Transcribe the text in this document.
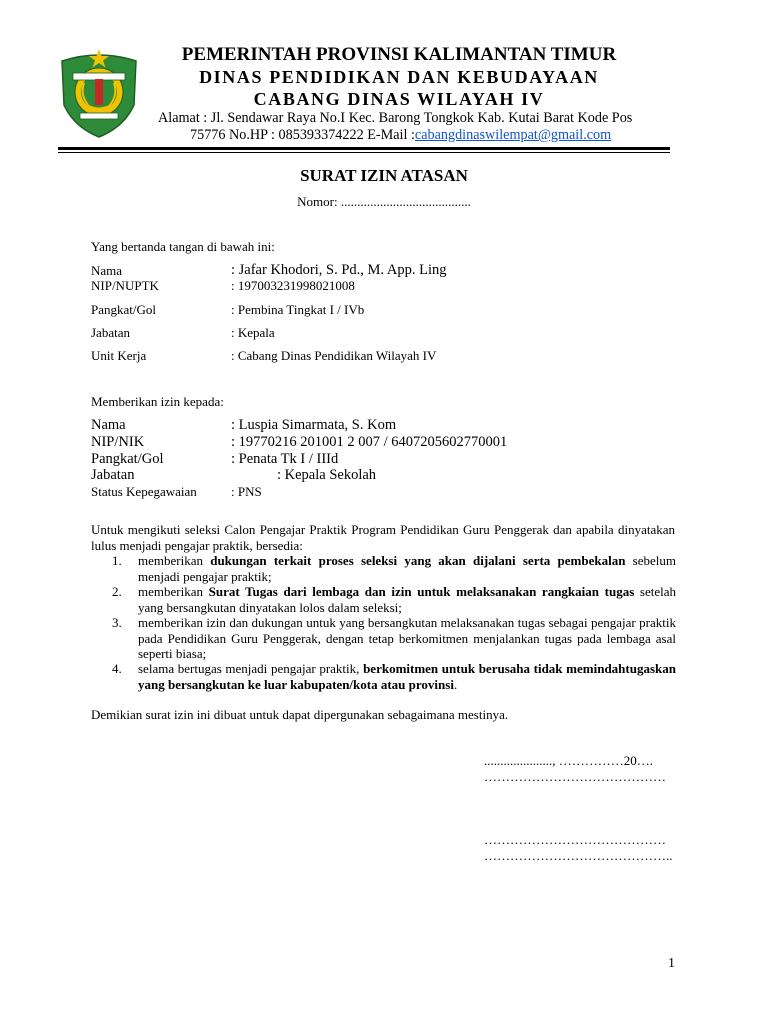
PEMERINTAH PROVINSI KALIMANTAN TIMUR
DINAS PENDIDIKAN DAN KEBUDAYAAN
CABANG DINAS WILAYAH IV
Alamat : Jl. Sendawar Raya No.I Kec. Barong Tongkok Kab. Kutai Barat Kode Pos
75776 No.HP : 085393374222 E-Mail :cabangdinaswilempat@gmail.com
SURAT IZIN ATASAN
Nomor: ........................................
Yang bertanda tangan di bawah ini:
Nama	: Jafar Khodori, S. Pd., M. App. Ling
NIP/NUPTK	: 197003231998021008
Pangkat/Gol	: Pembina Tingkat I / IVb
Jabatan	: Kepala
Unit Kerja	: Cabang Dinas Pendidikan Wilayah IV
Memberikan izin kepada:
Nama	: Luspia Simarmata, S. Kom
NIP/NIK	: 19770216 201001 2 007 / 6407205602770001
Pangkat/Gol	: Penata Tk I / IIId
Jabatan	: Kepala Sekolah
Status Kepegawaian	: PNS
Untuk mengikuti seleksi Calon Pengajar Praktik Program Pendidikan Guru Penggerak dan apabila dinyatakan lulus menjadi pengajar praktik, bersedia:
1. memberikan dukungan terkait proses seleksi yang akan dijalani serta pembekalan sebelum menjadi pengajar praktik;
2. memberikan Surat Tugas dari lembaga dan izin untuk melaksanakan rangkaian tugas setelah yang bersangkutan dinyatakan lolos dalam seleksi;
3. memberikan izin dan dukungan untuk yang bersangkutan melaksanakan tugas sebagai pengajar praktik pada Pendidikan Guru Penggerak, dengan tetap berkomitmen menjalankan tugas pada lembaga asal seperti biasa;
4. selama bertugas menjadi pengajar praktik, berkomitmen untuk berusaha tidak memindahtugaskan yang bersangkutan ke luar kabupaten/kota atau provinsi.
Demikian surat izin ini dibuat untuk dapat dipergunakan sebagaimana mestinya.
....................., ……………20….
……………………………………
……………………………………
……………………………………..
1
